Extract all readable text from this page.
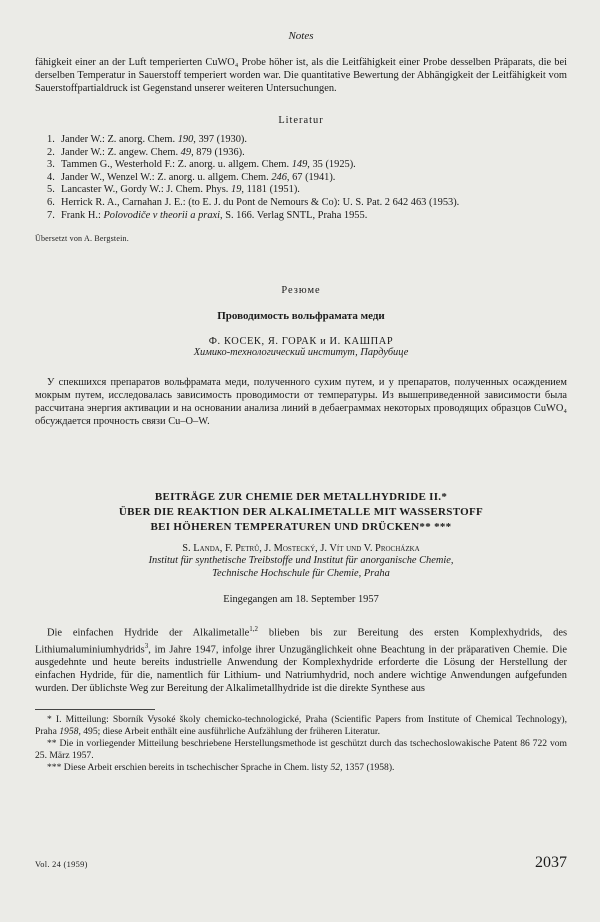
Notes

fähigkeit einer an der Luft temperierten CuWO₄ Probe höher ist, als die Leitfähigkeit einer Probe desselben Präparats, die bei derselben Temperatur in Sauerstoff temperiert worden war. Die quantitative Bewertung der Abhängigkeit der Leitfähigkeit vom Sauerstoffpartialdruck ist Gegenstand unserer weiteren Untersuchungen.

Literatur
1. Jander W.: Z. anorg. Chem. 190, 397 (1930).
2. Jander W.: Z. angew. Chem. 49, 879 (1936).
3. Tammen G., Westerhold F.: Z. anorg. u. allgem. Chem. 149, 35 (1925).
4. Jander W., Wenzel W.: Z. anorg. u. allgem. Chem. 246, 67 (1941).
5. Lancaster W., Gordy W.: J. Chem. Phys. 19, 1181 (1951).
6. Herrick R. A., Carnahan J. E.: (to E. J. du Pont de Nemours & Co): U. S. Pat. 2 642 463 (1953).
7. Frank H.: Polovodiče v theorii a praxi, S. 166. Verlag SNTL, Praha 1955.
Übersetzt von A. Bergstein.
Резюме
Проводимость вольфрамата меди
Ф. КОСЕК, Я. ГОРАК и И. КАШПАР
Химико-технологический институт, Пардубице

У спекшихся препаратов вольфрамата меди, полученного сухим путем, и у препаратов, полученных осаждением мокрым путем, исследовалась зависимость проводимости от температуры. Из вышеприведенной зависимости была рассчитана энергия активации и на основании анализа линий в дебаеграммах некоторых проводящих образцов CuWO₄ обсуждается прочность связи Cu–O–W.

BEITRÄGE ZUR CHEMIE DER METALLHYDRIDE II.*
ÜBER DIE REAKTION DER ALKALIMETALLE MIT WASSERSTOFF
BEI HÖHEREN TEMPERATUREN UND DRÜCKEN** ***
S. Landa, F. Petrů, J. Mostecký, J. Vít und V. Procházka
Institut für synthetische Treibstoffe und Institut für anorganische Chemie,
Technische Hochschule für Chemie, Praha
Eingegangen am 18. September 1957

Die einfachen Hydride der Alkalimetalle$^{1,2}$ blieben bis zur Bereitung des ersten Komplexhydrids, des Lithiumaluminiumhydrids$^3$, im Jahre 1947, infolge ihrer Unzugänglichkeit ohne Beachtung in der präparativen Chemie. Die ausgedehnte und heute bereits industrielle Anwendung der Komplexhydride erforderte die Lösung der Herstellung der einfachen Hydride, für die, namentlich für Lithium- und Natriumhydrid, noch andere wichtige Anwendungen aufgefunden wurden. Der üblichste Weg zur Bereitung der Alkalimetallhydride ist die direkte Synthese aus

* I. Mitteilung: Sborník Vysoké školy chemicko-technologické, Praha (Scientific Papers from Institute of Chemical Technology), Praha 1958, 495; diese Arbeit enthält eine ausführliche Aufzählung der früheren Literatur.

** Die in vorliegender Mitteilung beschriebene Herstellungsmethode ist geschützt durch das tschechoslowakische Patent 86 722 vom 25. März 1957.

*** Diese Arbeit erschien bereits in tschechischer Sprache in Chem. listy 52, 1357 (1958).

Vol. 24 (1959)	2037
